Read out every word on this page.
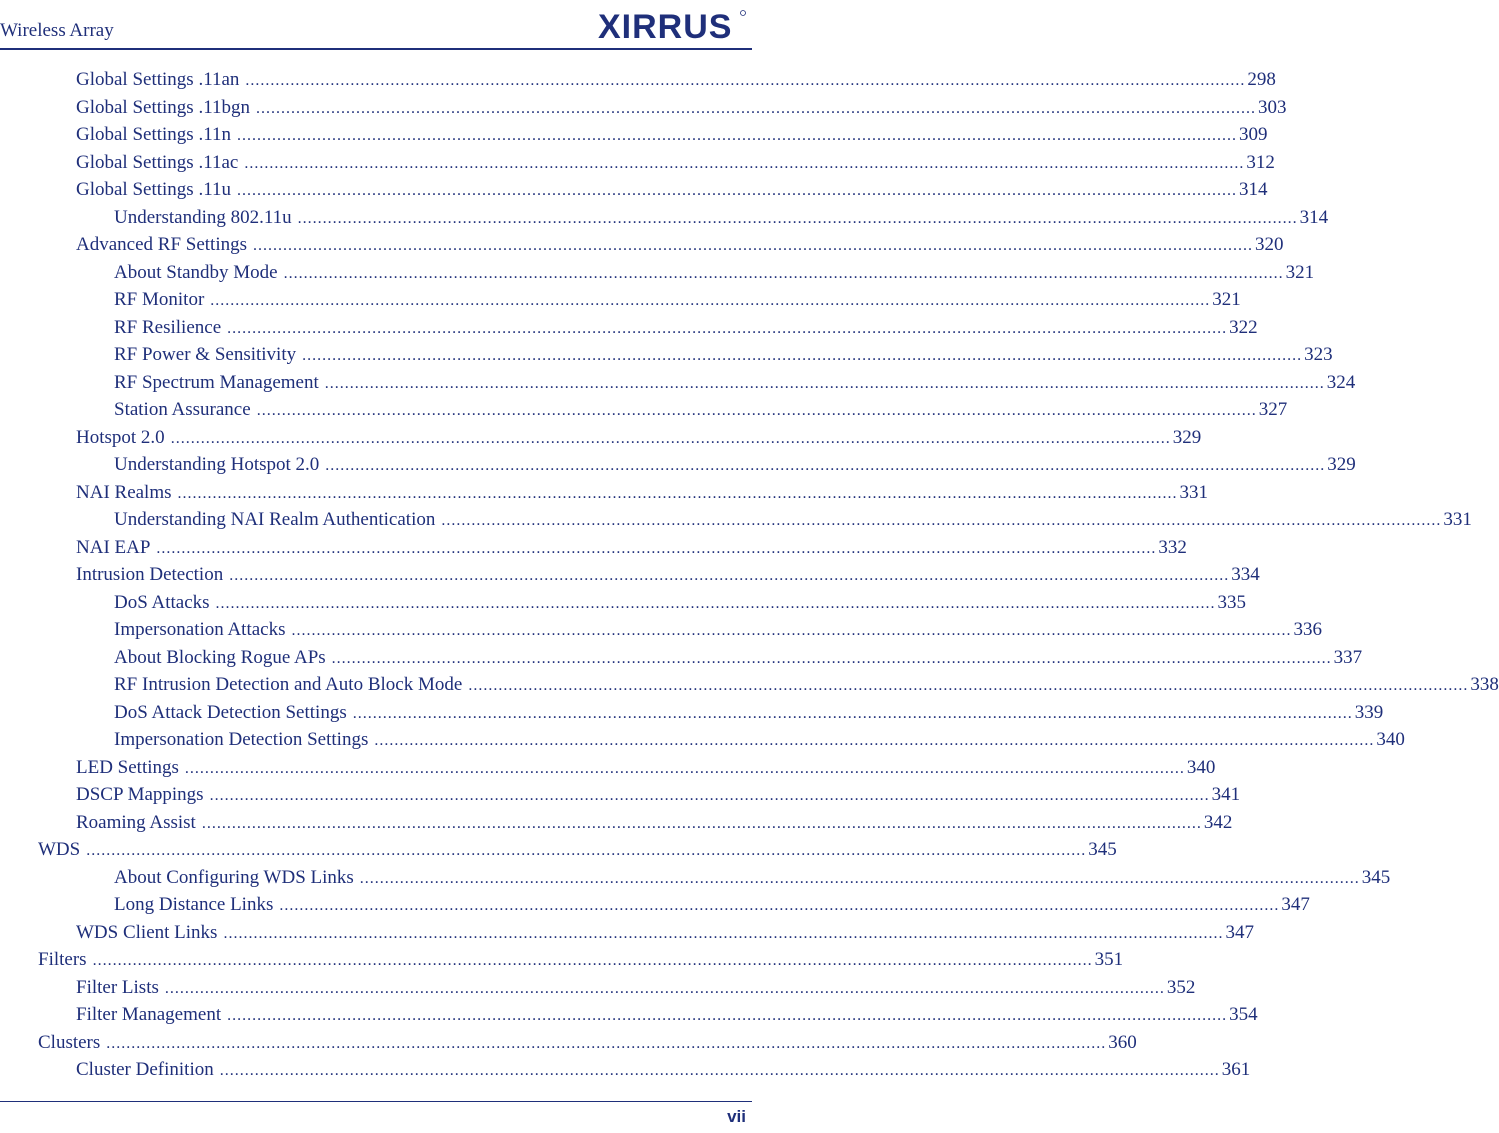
Wireless Array	XIRRUS
Global Settings .11an ........................................................................................................................................................................................................ 298
Global Settings .11bgn ........................................................................................................................................................................................................ 303
Global Settings .11n ........................................................................................................................................................................................................ 309
Global Settings .11ac ........................................................................................................................................................................................................ 312
Global Settings .11u ........................................................................................................................................................................................................ 314
Understanding 802.11u ........................................................................................................................................................................................................ 314
Advanced RF Settings ........................................................................................................................................................................................................ 320
About Standby Mode ........................................................................................................................................................................................................ 321
RF Monitor ........................................................................................................................................................................................................ 321
RF Resilience ........................................................................................................................................................................................................ 322
RF Power & Sensitivity ........................................................................................................................................................................................................ 323
RF Spectrum Management ........................................................................................................................................................................................................ 324
Station Assurance ........................................................................................................................................................................................................ 327
Hotspot 2.0 ........................................................................................................................................................................................................ 329
Understanding Hotspot 2.0 ........................................................................................................................................................................................................ 329
NAI Realms ........................................................................................................................................................................................................ 331
Understanding NAI Realm Authentication ........................................................................................................................................................................................................ 331
NAI EAP ........................................................................................................................................................................................................ 332
Intrusion Detection ........................................................................................................................................................................................................ 334
DoS Attacks ........................................................................................................................................................................................................ 335
Impersonation Attacks ........................................................................................................................................................................................................ 336
About Blocking Rogue APs ........................................................................................................................................................................................................ 337
RF Intrusion Detection and Auto Block Mode ........................................................................................................................................................................................................ 338
DoS Attack Detection Settings ........................................................................................................................................................................................................ 339
Impersonation Detection Settings ........................................................................................................................................................................................................ 340
LED Settings ........................................................................................................................................................................................................ 340
DSCP Mappings ........................................................................................................................................................................................................ 341
Roaming Assist ........................................................................................................................................................................................................ 342
WDS ........................................................................................................................................................................................................ 345
About Configuring WDS Links ........................................................................................................................................................................................................ 345
Long Distance Links ........................................................................................................................................................................................................ 347
WDS Client Links ........................................................................................................................................................................................................ 347
Filters ........................................................................................................................................................................................................ 351
Filter Lists ........................................................................................................................................................................................................ 352
Filter Management ........................................................................................................................................................................................................ 354
Clusters ........................................................................................................................................................................................................ 360
Cluster Definition ........................................................................................................................................................................................................ 361
vii
